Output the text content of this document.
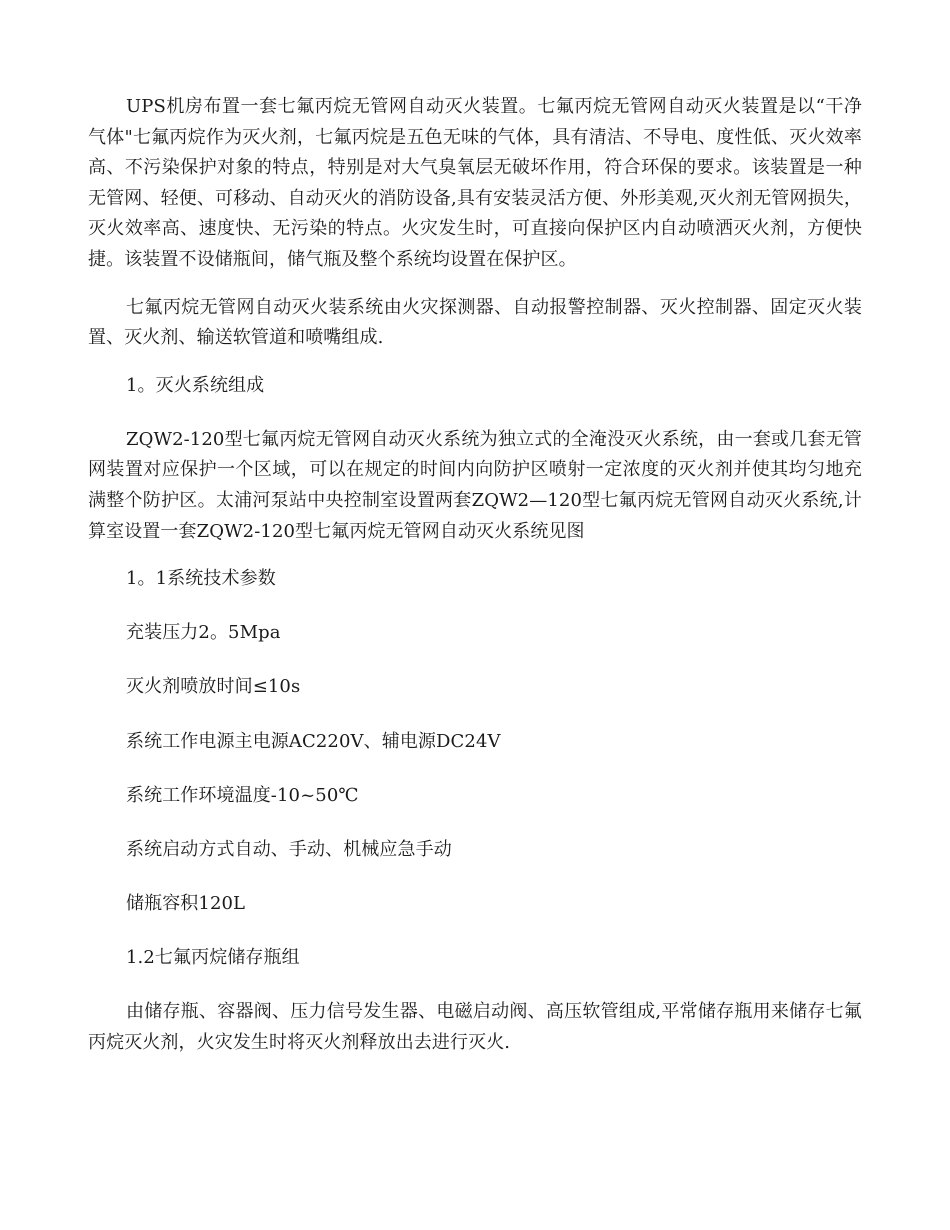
UPS机房布置一套七氟丙烷无管网自动灭火装置。七氟丙烷无管网自动灭火装置是以“干净气体"七氟丙烷作为灭火剂，七氟丙烷是五色无味的气体，具有清洁、不导电、度性低、灭火效率高、不污染保护对象的特点，特别是对大气臭氧层无破坏作用，符合环保的要求。该装置是一种无管网、轻便、可移动、自动灭火的消防设备,具有安装灵活方便、外形美观,灭火剂无管网损失，灭火效率高、速度快、无污染的特点。火灾发生时，可直接向保护区内自动喷洒灭火剂，方便快捷。该装置不设储瓶间，储气瓶及整个系统均设置在保护区。

七氟丙烷无管网自动灭火装系统由火灾探测器、自动报警控制器、灭火控制器、固定灭火装置、灭火剂、输送软管道和喷嘴组成.

1。灭火系统组成

ZQW2-120型七氟丙烷无管网自动灭火系统为独立式的全淹没灭火系统，由一套或几套无管网装置对应保护一个区域，可以在规定的时间内向防护区喷射一定浓度的灭火剂并使其均匀地充满整个防护区。太浦河泵站中央控制室设置两套ZQW2—120型七氟丙烷无管网自动灭火系统,计算室设置一套ZQW2-120型七氟丙烷无管网自动灭火系统见图

1。1系统技术参数

充装压力2。5Mpa

灭火剂喷放时间≤10s

系统工作电源主电源AC220V、辅电源DC24V

系统工作环境温度-10~50℃

系统启动方式自动、手动、机械应急手动

储瓶容积120L

1.2七氟丙烷储存瓶组

由储存瓶、容器阀、压力信号发生器、电磁启动阀、高压软管组成,平常储存瓶用来储存七氟丙烷灭火剂，火灾发生时将灭火剂释放出去进行灭火.
